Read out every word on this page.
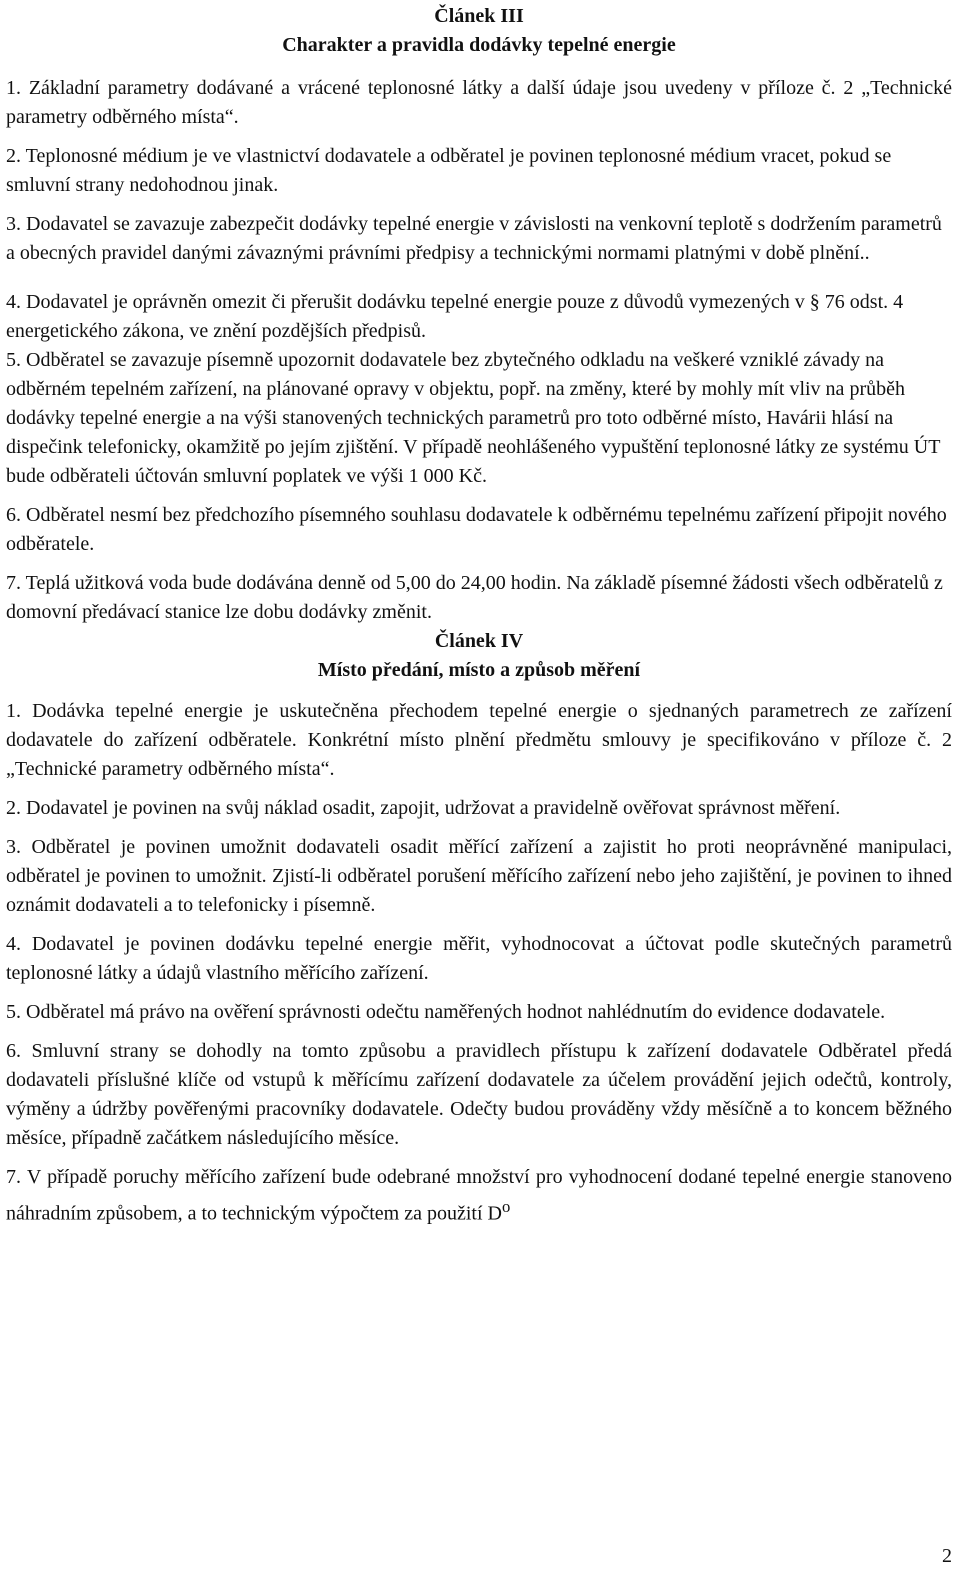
Článek III
Charakter a pravidla dodávky tepelné energie

1. Základní parametry dodávané a vrácené teplonosné látky a další údaje jsou uvedeny v příloze č. 2 „Technické parametry odběrného místa“.

2. Teplonosné médium je ve vlastnictví dodavatele a odběratel je povinen teplonosné médium vracet, pokud se smluvní strany nedohodnou jinak.

3. Dodavatel se zavazuje zabezpečit dodávky tepelné energie v závislosti na venkovní teplotě s dodržením parametrů a obecných pravidel danými závaznými právními předpisy a technickými normami platnými v době plnění..

4. Dodavatel je oprávněn omezit či přerušit dodávku tepelné energie pouze z důvodů vymezených v § 76 odst. 4 energetického zákona, ve znění pozdějších předpisů.

5. Odběratel se zavazuje písemně upozornit dodavatele bez zbytečného odkladu na veškeré vzniklé závady na odběrném tepelném zařízení, na plánované opravy v objektu, popř. na změny, které by mohly mít vliv na průběh dodávky tepelné energie a na výši stanovených technických parametrů pro toto odběrné místo, Havárii hlásí na dispečink telefonicky, okamžitě po jejím zjištění. V případě neohlášeného vypuštění teplonosné látky ze systému ÚT bude odběrateli účtován smluvní poplatek ve výši 1 000 Kč.

6. Odběratel nesmí bez předchozího písemného souhlasu dodavatele k odběrnému tepelnému zařízení připojit nového odběratele.

7. Teplá užitková voda bude dodávána denně od 5,00 do 24,00 hodin. Na základě písemné žádosti všech odběratelů z domovní předávací stanice lze dobu dodávky změnit.

Článek IV
Místo předání, místo a způsob měření

1. Dodávka tepelné energie je uskutečněna přechodem tepelné energie o sjednaných parametrech ze zařízení dodavatele do zařízení odběratele. Konkrétní místo plnění předmětu smlouvy je specifikováno v příloze č. 2 „Technické parametry odběrného místa“.

2. Dodavatel je povinen na svůj náklad osadit, zapojit, udržovat a pravidelně ověřovat správnost měření.

3. Odběratel je povinen umožnit dodavateli osadit měřící zařízení a zajistit ho proti neoprávněné manipulaci, odběratel je povinen to umožnit. Zjistí-li odběratel porušení měřícího zařízení nebo jeho zajištění, je povinen to ihned oznámit dodavateli a to telefonicky i písemně.

4. Dodavatel je povinen dodávku tepelné energie měřit, vyhodnocovat a účtovat podle skutečných parametrů teplonosné látky a údajů vlastního měřícího zařízení.

5. Odběratel má právo na ověření správnosti odečtu naměřených hodnot nahlédnutím do evidence dodavatele.

6. Smluvní strany se dohodly na tomto způsobu a pravidlech přístupu k zařízení dodavatele Odběratel předá dodavateli příslušné klíče od vstupů k měřícímu zařízení dodavatele za účelem provádění jejich odečtů, kontroly, výměny a údržby pověřenými pracovníky dodavatele. Odečty budou prováděny vždy měsíčně a to koncem běžného měsíce, případně začátkem následujícího měsíce.

7. V případě poruchy měřícího zařízení bude odebrané množství pro vyhodnocení dodané tepelné energie stanoveno náhradním způsobem, a to technickým výpočtem za použití $D^o$

2
